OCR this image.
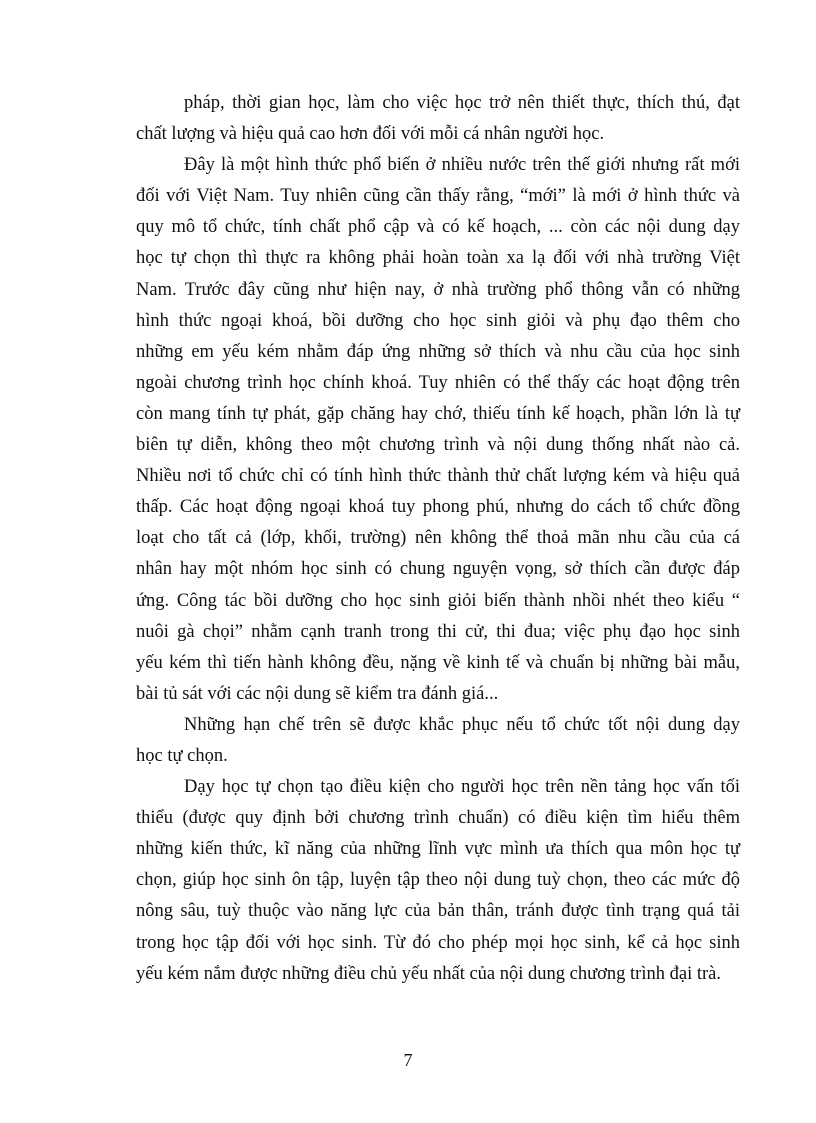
pháp, thời gian học, làm cho việc học trở nên thiết thực, thích thú, đạt
chất lượng và hiệu quả cao hơn đối với mỗi cá nhân người học.
Đây là một hình thức phổ biến ở nhiều nước trên thế giới nhưng rất mới
đối với Việt Nam. Tuy nhiên cũng cần thấy rằng, “mới” là mới ở hình thức và
quy mô tổ chức, tính chất phổ cập và có kế hoạch, ... còn các nội dung dạy
học tự chọn thì thực ra không phải hoàn toàn xa lạ đối với nhà trường Việt
Nam. Trước đây cũng như hiện nay, ở nhà trường phổ thông vẫn có những
hình thức ngoại khoá, bồi dưỡng cho học sinh giỏi và phụ đạo thêm cho
những em yếu kém nhằm đáp ứng những sở thích và nhu cầu của học sinh
ngoài chương trình học chính khoá. Tuy nhiên có thể thấy các hoạt động trên
còn mang tính tự phát, gặp chăng hay chớ, thiếu tính kế hoạch, phần lớn là tự
biên tự diễn, không theo một chương trình và nội dung thống nhất nào cả.
Nhiều nơi tổ chức chỉ có tính hình thức thành thử chất lượng kém và hiệu quả
thấp. Các hoạt động ngoại khoá tuy phong phú, nhưng do cách tổ chức đồng
loạt cho tất cả (lớp, khối, trường) nên không thể thoả mãn nhu cầu của cá
nhân hay một nhóm học sinh có chung nguyện vọng, sở thích cần được đáp
ứng. Công tác bồi dưỡng cho học sinh giỏi biến thành nhồi nhét theo kiểu “
nuôi gà chọi” nhằm cạnh tranh trong thi cử, thi đua; việc phụ đạo học sinh
yếu kém thì tiến hành không đều, nặng về kinh tế và chuẩn bị những bài mẫu,
bài tủ sát với các nội dung sẽ kiểm tra đánh giá...
Những hạn chế trên sẽ được khắc phục nếu tổ chức tốt nội dung dạy
học tự chọn.
Dạy học tự chọn tạo điều kiện cho người học trên nền tảng học vấn tối
thiểu (được quy định bởi chương trình chuẩn) có điều kiện tìm hiểu thêm
những kiến thức, kĩ năng của những lĩnh vực mình ưa thích qua môn học tự
chọn, giúp học sinh ôn tập, luyện tập theo nội dung tuỳ chọn, theo các mức độ
nông sâu, tuỳ thuộc vào năng lực của bản thân, tránh được tình trạng quá tải
trong học tập đối với học sinh. Từ đó cho phép mọi học sinh, kể cả học sinh
yếu kém nắm được những điều chủ yếu nhất của nội dung chương trình đại trà.
7
